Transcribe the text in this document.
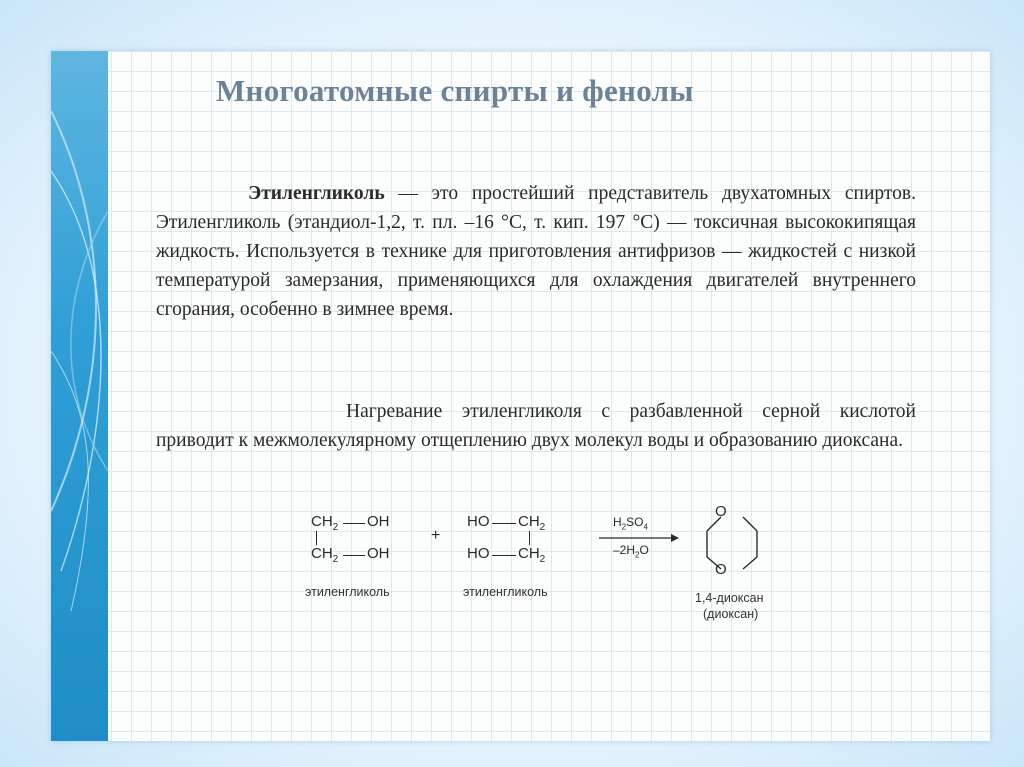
Многоатомные спирты и фенолы

Этиленгликоль — это простейший представитель двухатомных спиртов. Этиленгликоль (этандиол-1,2, т. пл. –16 °С, т. кип. 197 °С) — токсичная высококипящая жидкость. Используется в технике для приготовления антифризов — жидкостей с низкой температурой замерзания, применяющихся для охлаждения двигателей внутреннего сгорания, особенно в зимнее время.

Нагревание этиленгликоля с разбавленной серной кислотой приводит к межмолекулярному отщеплению двух молекул воды и образованию диоксана.

$CH_2$ OH
$CH_2$ OH
+
HO $CH_2$
HO $CH_2$
$H_2SO_4$
$-2H_2O$
O
O
этиленгликоль	этиленгликоль	1,4-диоксан
(диоксан)
